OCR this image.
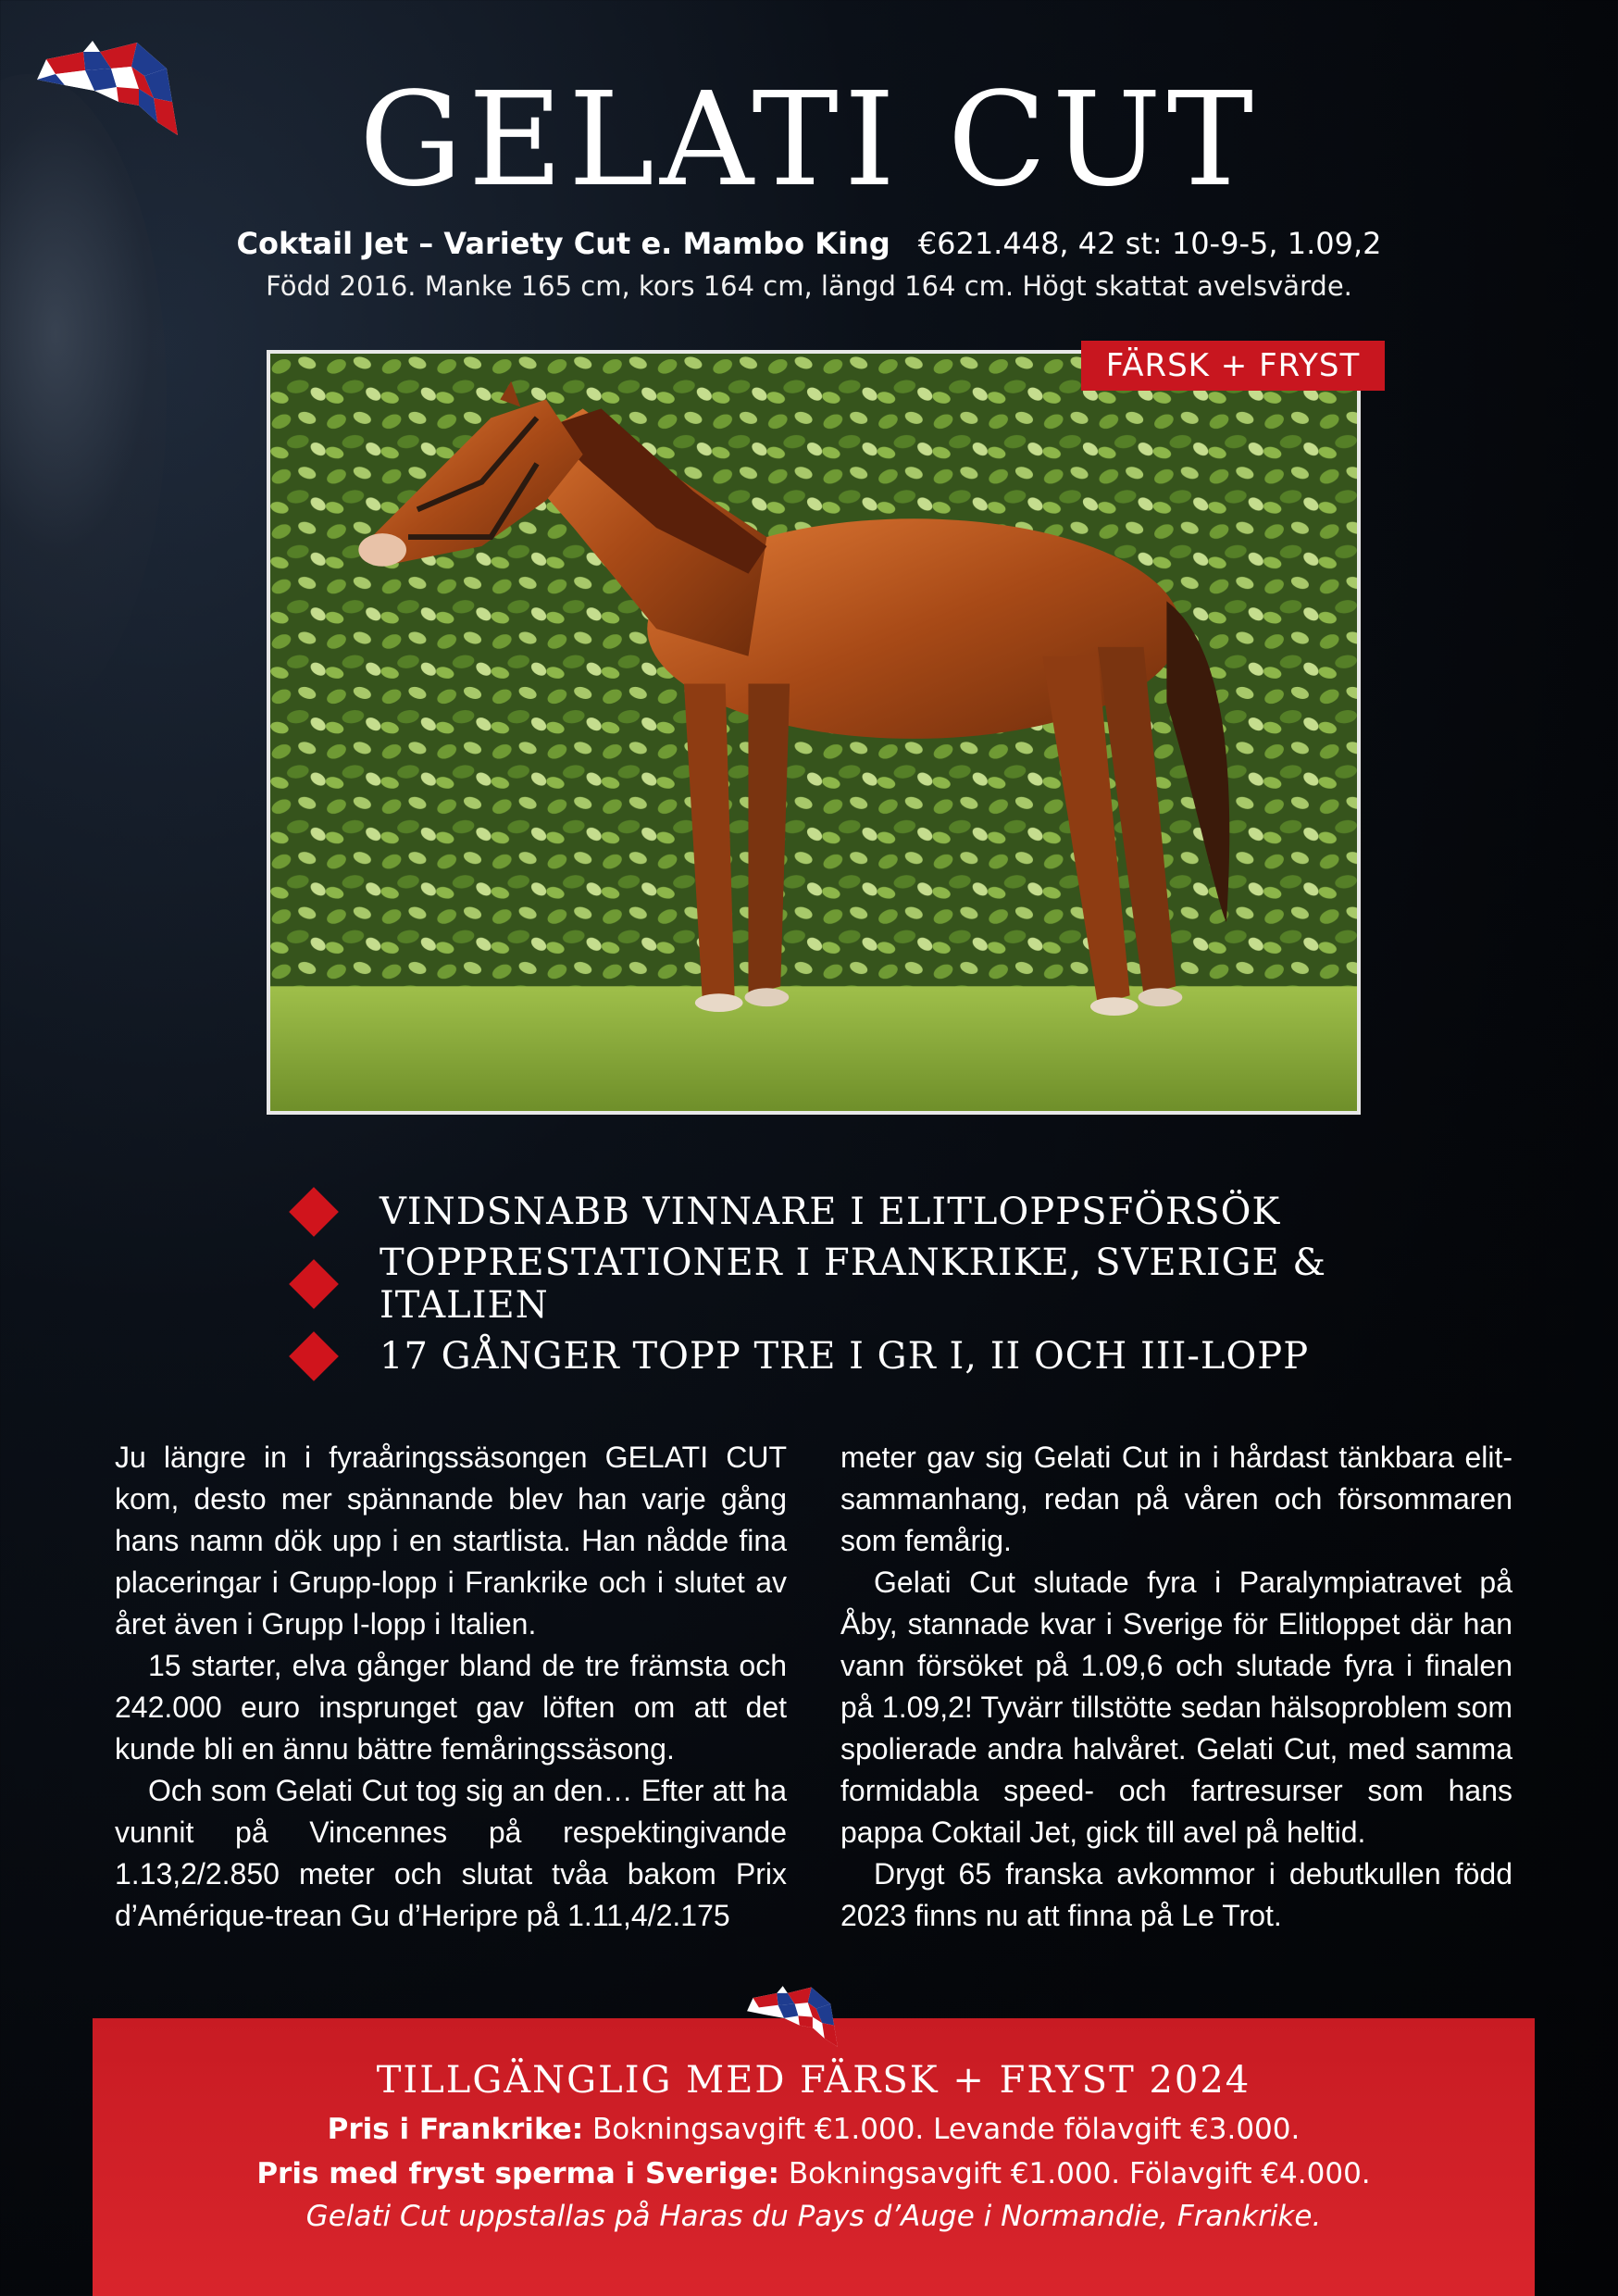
GELATI CUT
Coktail Jet – Variety Cut e. Mambo King €621.448, 42 st: 10-9-5, 1.09,2
Född 2016. Manke 165 cm, kors 164 cm, längd 164 cm. Högt skattat avelsvärde.
FÄRSK + FRYST
VINDSNABB VINNARE I ELITLOPPSFÖRSÖK
TOPPRESTATIONER I FRANKRIKE, SVERIGE & ITALIEN
17 GÅNGER TOPP TRE I GR I, II OCH III-LOPP

Ju längre in i fyraåringssäsongen GELATI CUT kom, desto mer spännande blev han varje gång hans namn dök upp i en startlista. Han nådde fina placeringar i Grupp-lopp i Frankrike och i slutet av året även i Grupp I-lopp i Italien.

15 starter, elva gånger bland de tre främsta och 242.000 euro insprunget gav löften om att det kunde bli en ännu bättre femåringssäsong.

Och som Gelati Cut tog sig an den… Efter att ha vunnit på Vincennes på respektingivande 1.13,2/2.850 meter och slutat tvåa bakom Prix d’Amérique-trean Gu d’Heripre på 1.11,4/2.175

meter gav sig Gelati Cut in i hårdast tänkbara elit-sammanhang, redan på våren och försommaren som femårig.

Gelati Cut slutade fyra i Paralympiatravet på Åby, stannade kvar i Sverige för Elitloppet där han vann försöket på 1.09,6 och slutade fyra i finalen på 1.09,2! Tyvärr tillstötte sedan hälsoproblem som spolierade andra halvåret. Gelati Cut, med samma formidabla speed- och fartresurser som hans pappa Coktail Jet, gick till avel på heltid.

Drygt 65 franska avkommor i debutkullen född 2023 finns nu att finna på Le Trot.

TILLGÄNGLIG MED FÄRSK + FRYST 2024
Pris i Frankrike: Bokningsavgift €1.000. Levande fölavgift €3.000.
Pris med fryst sperma i Sverige: Bokningsavgift €1.000. Fölavgift €4.000.
Gelati Cut uppstallas på Haras du Pays d’Auge i Normandie, Frankrike.
